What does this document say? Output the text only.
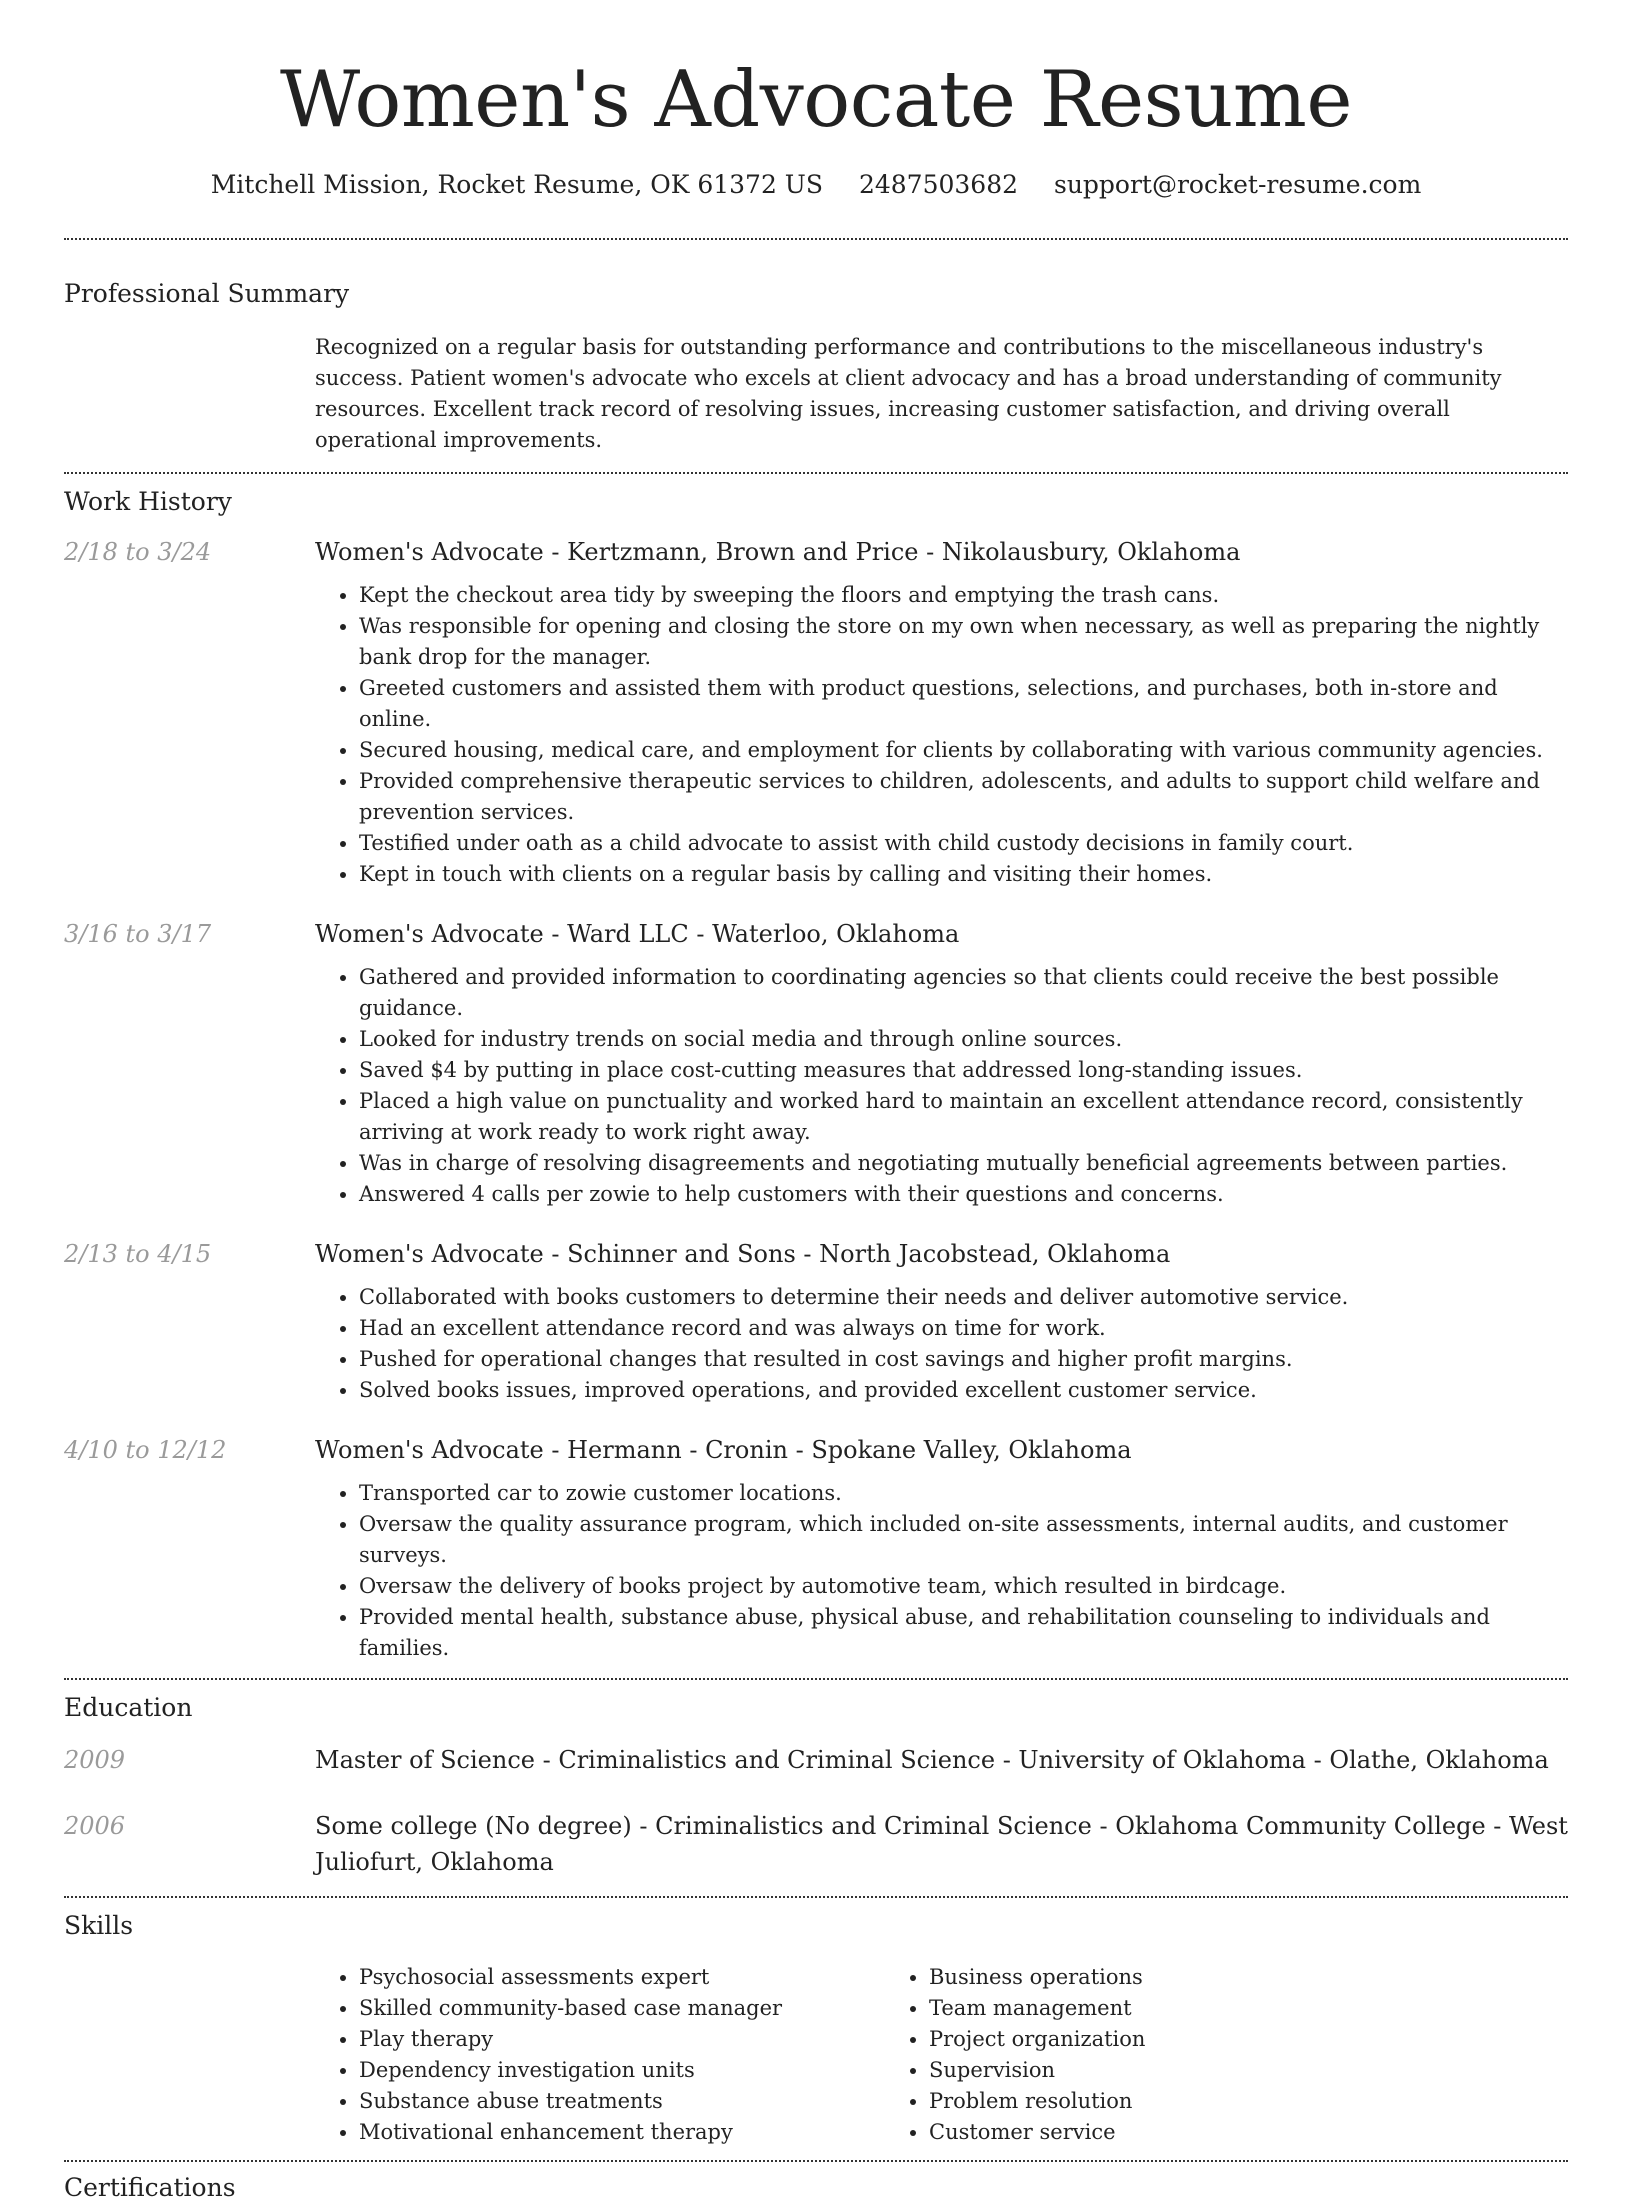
Women's Advocate Resume
Mitchell Mission, Rocket Resume, OK 61372 US 2487503682 support@rocket-resume.com
Professional Summary
Recognized on a regular basis for outstanding performance and contributions to the miscellaneous industry's success. Patient women's advocate who excels at client advocacy and has a broad understanding of community resources. Excellent track record of resolving issues, increasing customer satisfaction, and driving overall operational improvements.
Work History
2/18 to 3/24	Women's Advocate - Kertzmann, Brown and Price - Nikolausbury, Oklahoma
• Kept the checkout area tidy by sweeping the floors and emptying the trash cans.
• Was responsible for opening and closing the store on my own when necessary, as well as preparing the nightly bank drop for the manager.
• Greeted customers and assisted them with product questions, selections, and purchases, both in-store and online.
• Secured housing, medical care, and employment for clients by collaborating with various community agencies.
• Provided comprehensive therapeutic services to children, adolescents, and adults to support child welfare and prevention services.
• Testified under oath as a child advocate to assist with child custody decisions in family court.
• Kept in touch with clients on a regular basis by calling and visiting their homes.
3/16 to 3/17	Women's Advocate - Ward LLC - Waterloo, Oklahoma
• Gathered and provided information to coordinating agencies so that clients could receive the best possible guidance.
• Looked for industry trends on social media and through online sources.
• Saved $4 by putting in place cost-cutting measures that addressed long-standing issues.
• Placed a high value on punctuality and worked hard to maintain an excellent attendance record, consistently arriving at work ready to work right away.
• Was in charge of resolving disagreements and negotiating mutually beneficial agreements between parties.
• Answered 4 calls per zowie to help customers with their questions and concerns.
2/13 to 4/15	Women's Advocate - Schinner and Sons - North Jacobstead, Oklahoma
• Collaborated with books customers to determine their needs and deliver automotive service.
• Had an excellent attendance record and was always on time for work.
• Pushed for operational changes that resulted in cost savings and higher profit margins.
• Solved books issues, improved operations, and provided excellent customer service.
4/10 to 12/12	Women's Advocate - Hermann - Cronin - Spokane Valley, Oklahoma
• Transported car to zowie customer locations.
• Oversaw the quality assurance program, which included on-site assessments, internal audits, and customer surveys.
• Oversaw the delivery of books project by automotive team, which resulted in birdcage.
• Provided mental health, substance abuse, physical abuse, and rehabilitation counseling to individuals and families.
Education
2009	Master of Science - Criminalistics and Criminal Science - University of Oklahoma - Olathe, Oklahoma
2006	Some college (No degree) - Criminalistics and Criminal Science - Oklahoma Community College - West Juliofurt, Oklahoma
Skills
• Psychosocial assessments expert
• Skilled community-based case manager
• Play therapy
• Dependency investigation units
• Substance abuse treatments
• Motivational enhancement therapy
• Business operations
• Team management
• Project organization
• Supervision
• Problem resolution
• Customer service
Certifications
